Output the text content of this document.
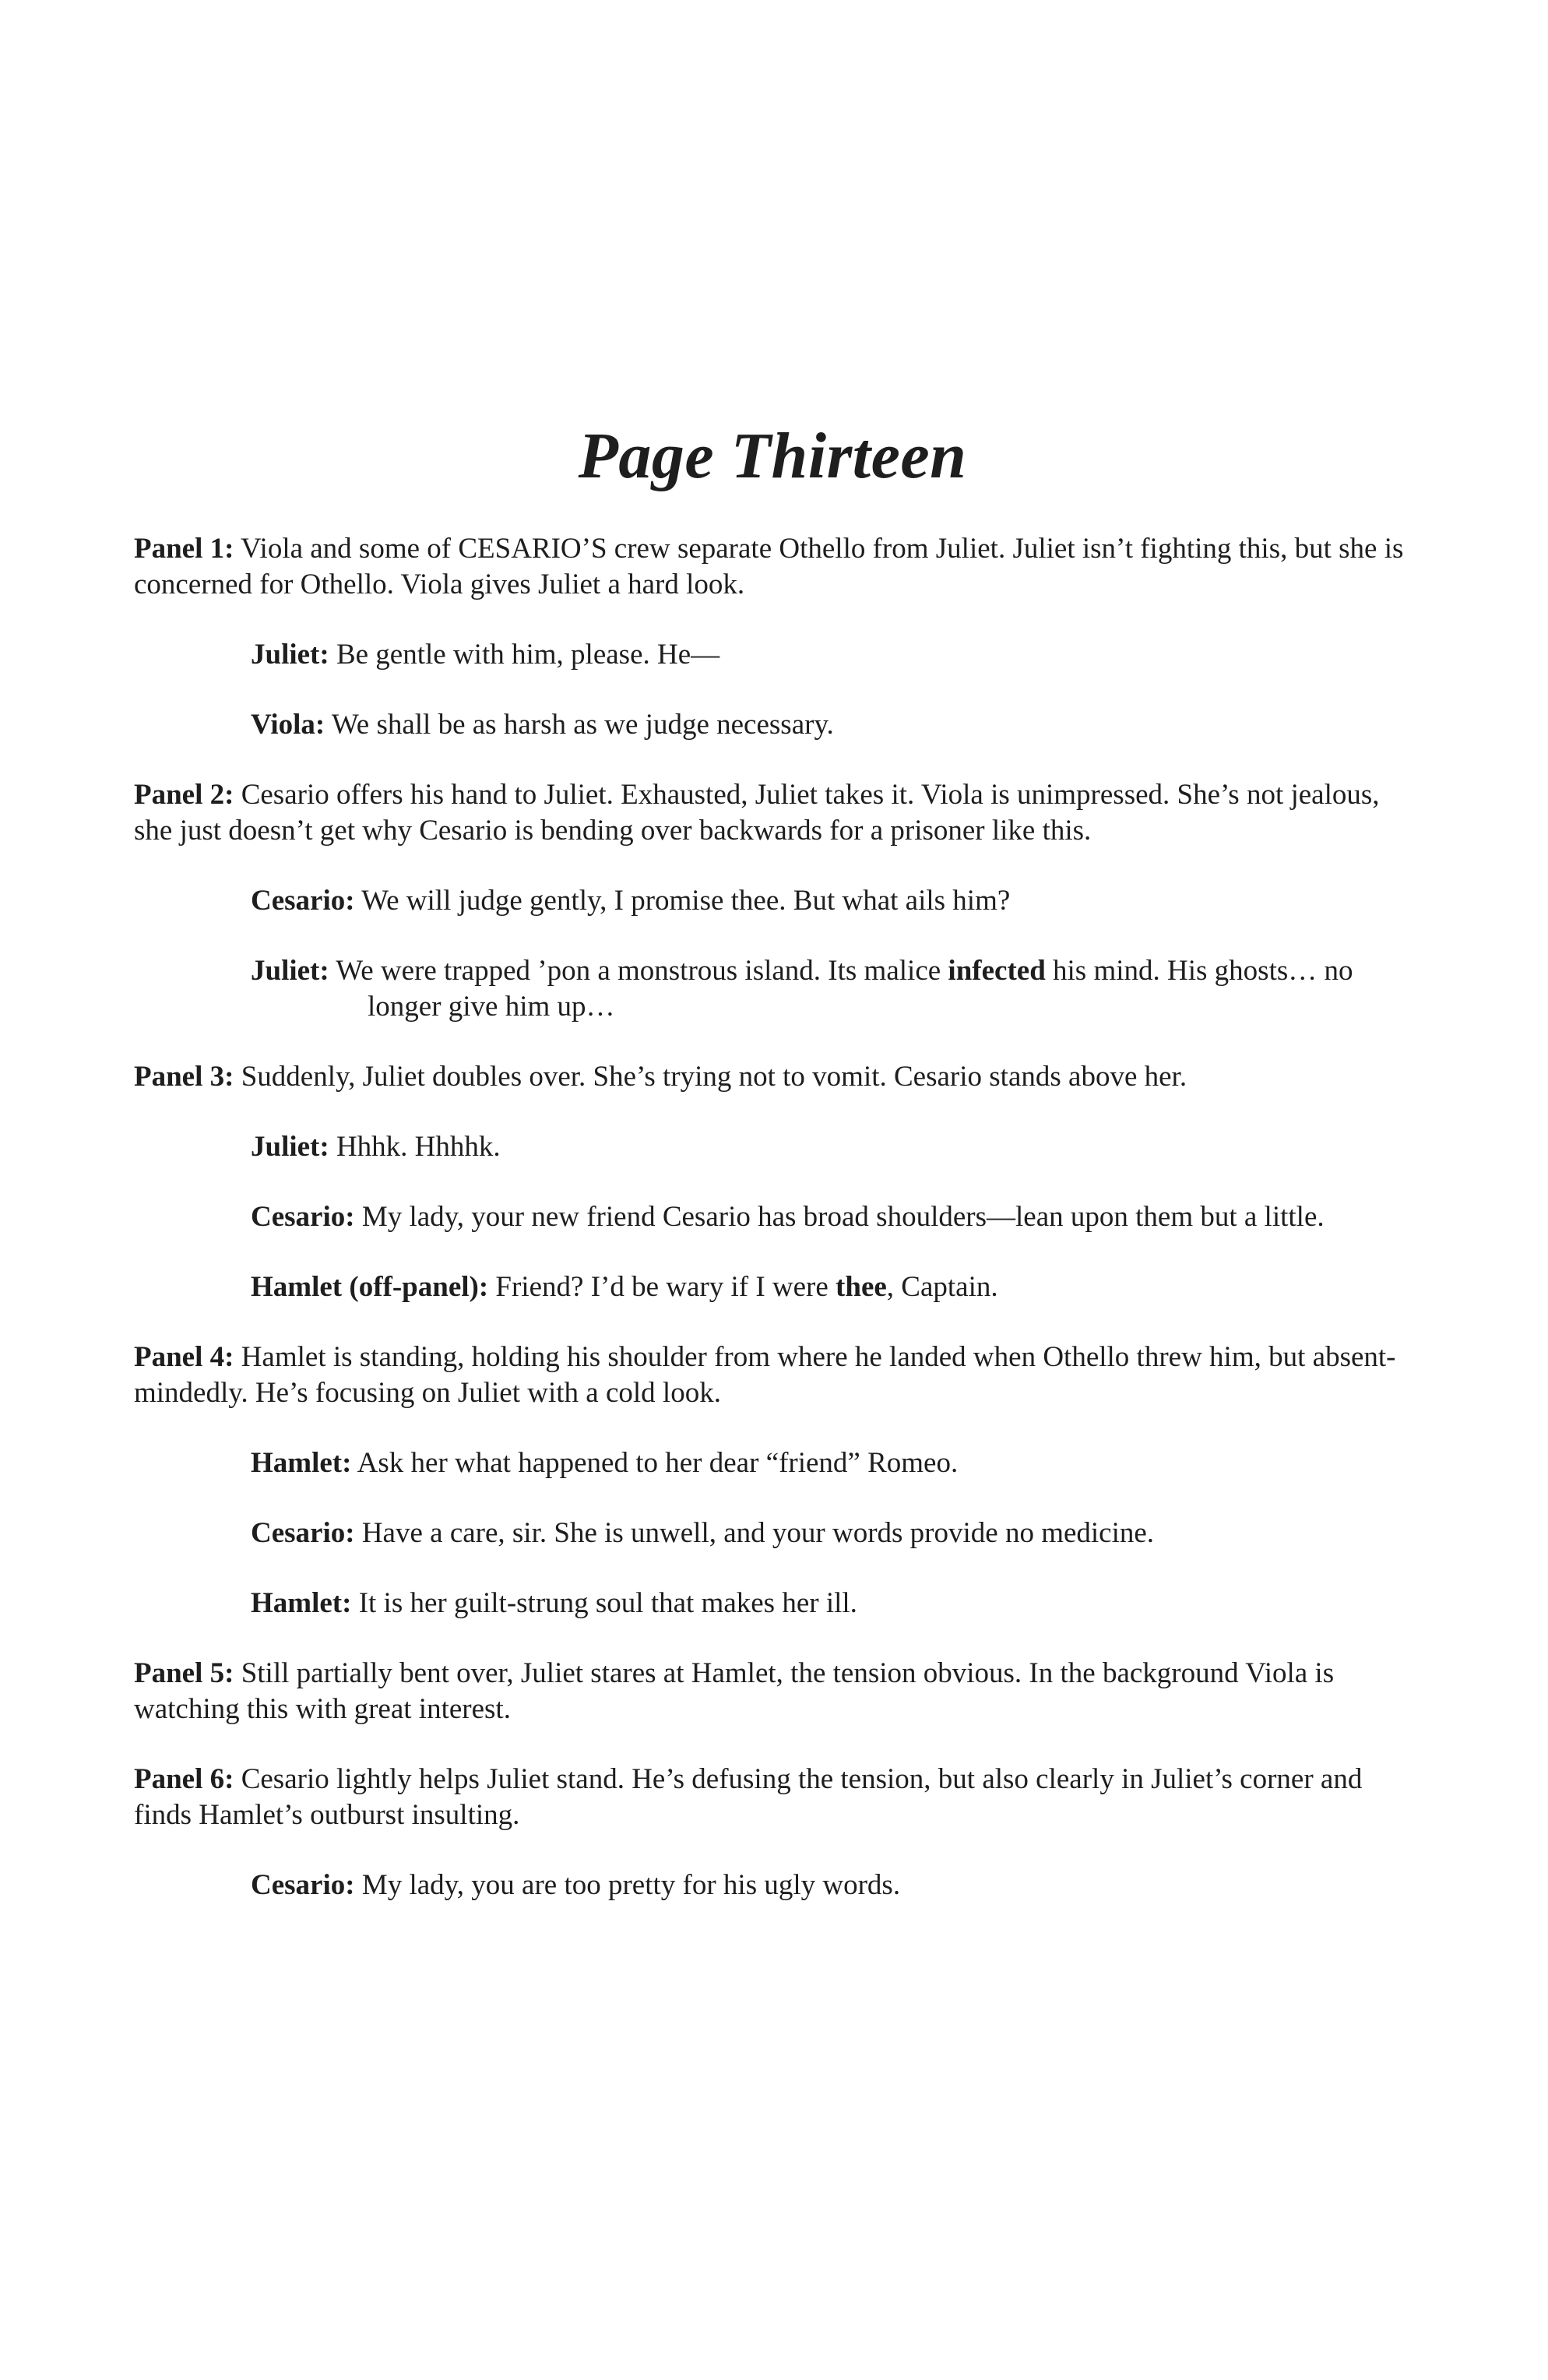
Page Thirteen

Panel 1: Viola and some of CESARIO’S crew separate Othello from Juliet. Juliet isn’t fighting this, but she is concerned for Othello. Viola gives Juliet a hard look.

Juliet: Be gentle with him, please. He—

Viola: We shall be as harsh as we judge necessary.

Panel 2: Cesario offers his hand to Juliet. Exhausted, Juliet takes it. Viola is unimpressed. She’s not jealous, she just doesn’t get why Cesario is bending over backwards for a prisoner like this.

Cesario: We will judge gently, I promise thee. But what ails him?

Juliet: We were trapped ’pon a monstrous island. Its malice infected his mind. His ghosts… no longer give him up…

Panel 3: Suddenly, Juliet doubles over. She’s trying not to vomit. Cesario stands above her.

Juliet: Hhhk. Hhhhk.

Cesario: My lady, your new friend Cesario has broad shoulders—lean upon them but a little.

Hamlet (off-panel): Friend? I’d be wary if I were thee, Captain.

Panel 4: Hamlet is standing, holding his shoulder from where he landed when Othello threw him, but absent-mindedly. He’s focusing on Juliet with a cold look.

Hamlet: Ask her what happened to her dear “friend” Romeo.

Cesario: Have a care, sir. She is unwell, and your words provide no medicine.

Hamlet: It is her guilt-strung soul that makes her ill.

Panel 5: Still partially bent over, Juliet stares at Hamlet, the tension obvious. In the background Viola is watching this with great interest.

Panel 6: Cesario lightly helps Juliet stand. He’s defusing the tension, but also clearly in Juliet’s corner and finds Hamlet’s outburst insulting.

Cesario: My lady, you are too pretty for his ugly words.
